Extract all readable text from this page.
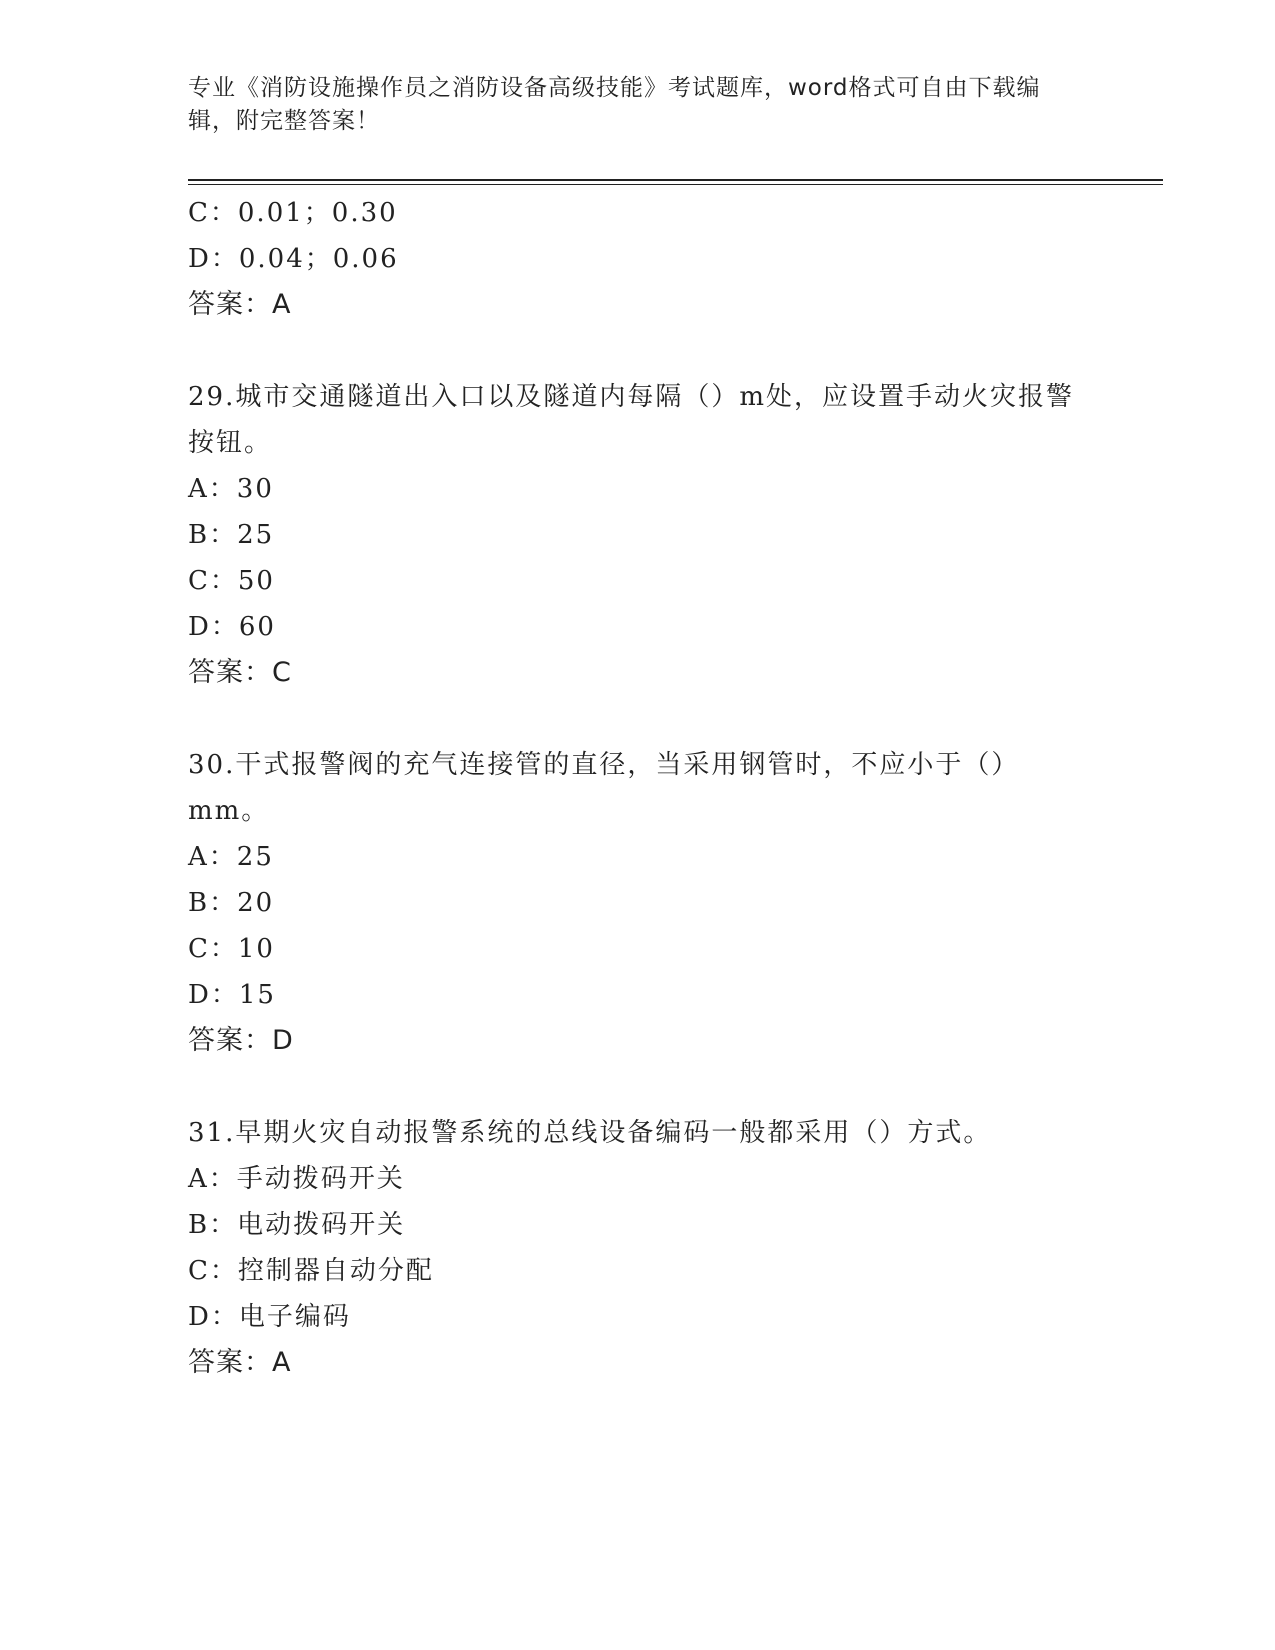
专业《消防设施操作员之消防设备高级技能》考试题库，word格式可自由下载编辑，附完整答案！
C：0.01；0.30
D：0.04；0.06
答案：A
29.城市交通隧道出入口以及隧道内每隔（）m处，应设置手动火灾报警按钮。
A：30
B：25
C：50
D：60
答案：C
30.干式报警阀的充气连接管的直径，当采用钢管时，不应小于（）mm。
A：25
B：20
C：10
D：15
答案：D
31.早期火灾自动报警系统的总线设备编码一般都采用（）方式。
A：手动拨码开关
B：电动拨码开关
C：控制器自动分配
D：电子编码
答案：A
